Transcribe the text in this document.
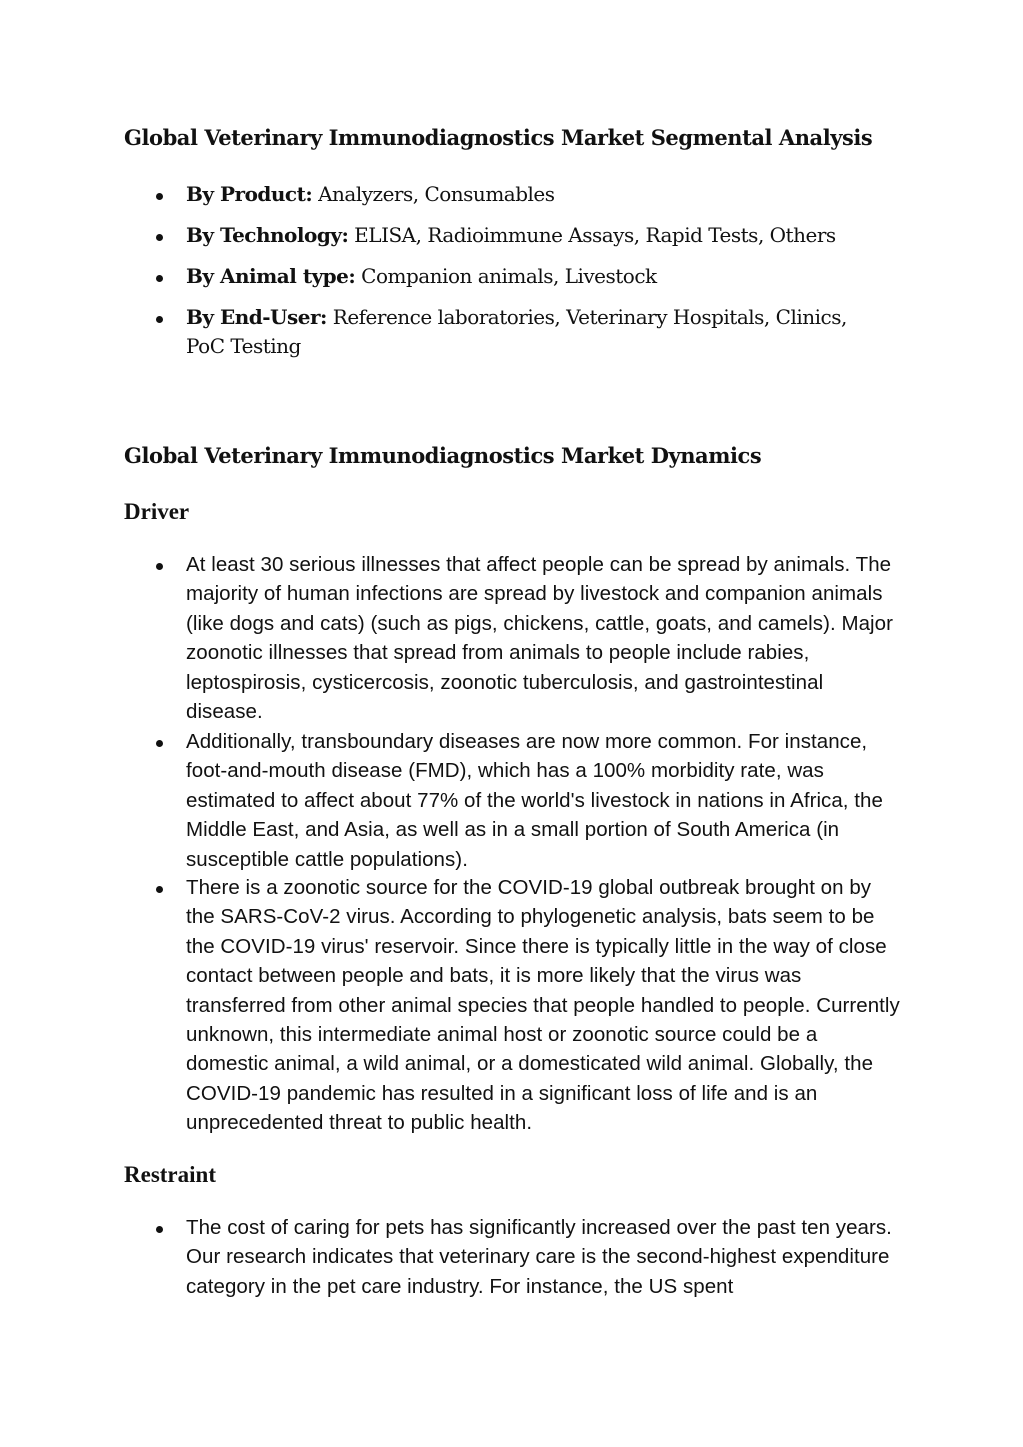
Global Veterinary Immunodiagnostics Market Segmental Analysis
By Product: Analyzers, Consumables
By Technology: ELISA, Radioimmune Assays, Rapid Tests, Others
By Animal type: Companion animals, Livestock
By End-User: Reference laboratories, Veterinary Hospitals, Clinics, PoC Testing
Global Veterinary Immunodiagnostics Market Dynamics
Driver
At least 30 serious illnesses that affect people can be spread by animals. The majority of human infections are spread by livestock and companion animals (like dogs and cats) (such as pigs, chickens, cattle, goats, and camels). Major zoonotic illnesses that spread from animals to people include rabies, leptospirosis, cysticercosis, zoonotic tuberculosis, and gastrointestinal disease.
Additionally, transboundary diseases are now more common. For instance, foot-and-mouth disease (FMD), which has a 100% morbidity rate, was estimated to affect about 77% of the world's livestock in nations in Africa, the Middle East, and Asia, as well as in a small portion of South America (in susceptible cattle populations).
There is a zoonotic source for the COVID-19 global outbreak brought on by the SARS-CoV-2 virus. According to phylogenetic analysis, bats seem to be the COVID-19 virus' reservoir. Since there is typically little in the way of close contact between people and bats, it is more likely that the virus was transferred from other animal species that people handled to people. Currently unknown, this intermediate animal host or zoonotic source could be a domestic animal, a wild animal, or a domesticated wild animal. Globally, the COVID-19 pandemic has resulted in a significant loss of life and is an unprecedented threat to public health.
Restraint
The cost of caring for pets has significantly increased over the past ten years. Our research indicates that veterinary care is the second-highest expenditure category in the pet care industry. For instance, the US spent
